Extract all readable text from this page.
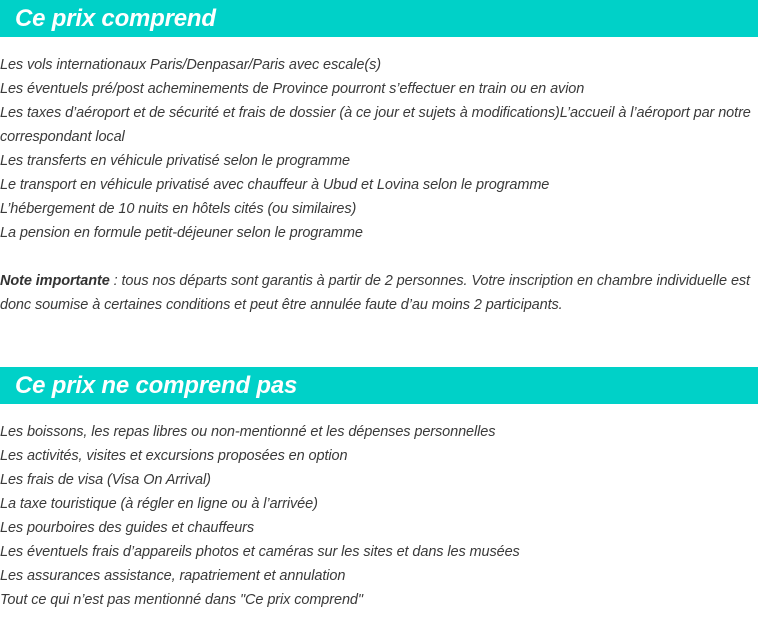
Ce prix comprend
Les vols internationaux Paris/Denpasar/Paris avec escale(s)
Les éventuels pré/post acheminements de Province pourront s’effectuer en train ou en avion
Les taxes d’aéroport et de sécurité et frais de dossier (à ce jour et sujets à modifications)L’accueil à l’aéroport par notre correspondant local
Les transferts en véhicule privatisé selon le programme
Le transport en véhicule privatisé avec chauffeur à Ubud et Lovina selon le programme
L’hébergement de 10 nuits en hôtels cités (ou similaires)
La pension en formule petit-déjeuner selon le programme

Note importante : tous nos départs sont garantis à partir de 2 personnes. Votre inscription en chambre individuelle est donc soumise à certaines conditions et peut être annulée faute d’au moins 2 participants.

Ce prix ne comprend pas
Les boissons, les repas libres ou non-mentionné et les dépenses personnelles
Les activités, visites et excursions proposées en option
Les frais de visa (Visa On Arrival)
La taxe touristique (à régler en ligne ou à l’arrivée)
Les pourboires des guides et chauffeurs
Les éventuels frais d’appareils photos et caméras sur les sites et dans les musées
Les assurances assistance, rapatriement et annulation
Tout ce qui n’est pas mentionné dans "Ce prix comprend"
